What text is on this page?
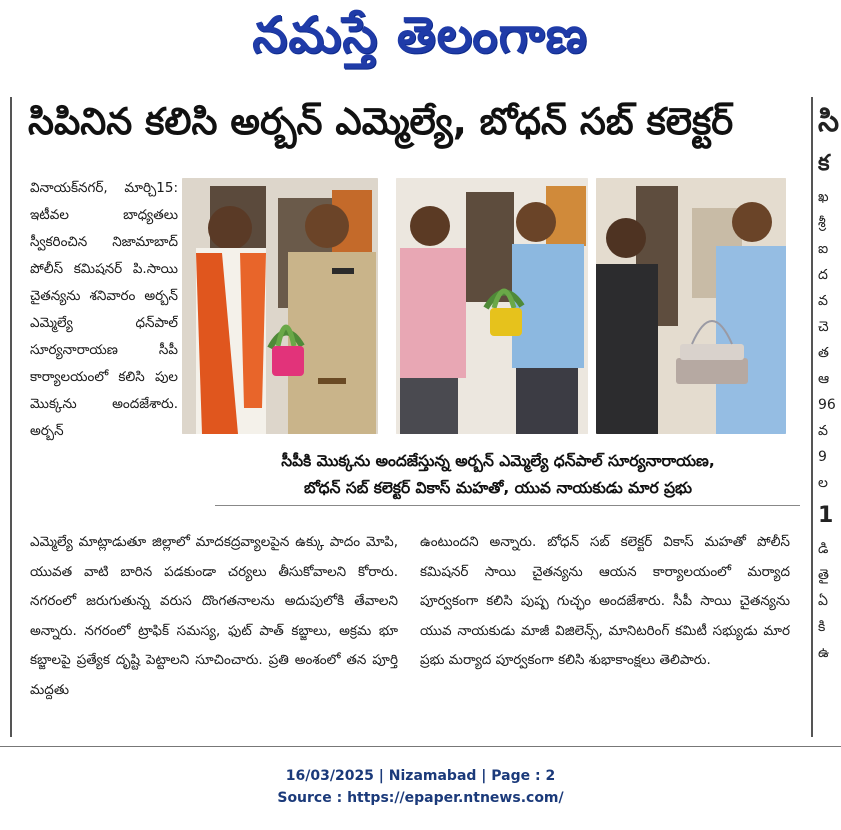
నమస్తే తెలంగాణ
సిపినిన కలిసి అర్బన్ ఎమ్మెల్యే, బోధన్ సబ్ కలెక్టర్	సి
క
ఖ
శ్రీ
ఐ
ద
వ
చె
త
ఆ
96
వ
9
ల
1
డి
తై
ఏ
కి
ఉ
వినాయక్‌నగర్, మార్చి15: ఇటీవల బాధ్యతలు స్వీకరించిన నిజామాబాద్ పోలీస్ కమిషనర్ పి.సాయి చైతన్యను శనివారం అర్బన్ ఎమ్మెల్యే ధన్‌పాల్ సూర్యనారాయణ సీపీ కార్యాలయంలో కలిసి పుల మొక్కను అందజేశారు. అర్బన్
సీపీకి మొక్కను అందజేస్తున్న అర్బన్ ఎమ్మెల్యే ధన్‌పాల్ సూర్యనారాయణ,
బోధన్ సబ్ కలెక్టర్ వికాస్ మహతో, యువ నాయకుడు మార ప్రభు
ఎమ్మెల్యే మాట్లాడుతూ జిల్లాలో మాదకద్రవ్యాలపైన ఉక్కు పాదం మోపి, యువత వాటి బారిన పడకుండా చర్యలు తీసుకోవాలని కోరారు. నగరంలో జరుగుతున్న వరుస దొంగతనాలను అదుపులోకి తేవాలని అన్నారు. నగరంలో ట్రాఫిక్ సమస్య, ఫుట్ పాత్ కబ్జాలు, అక్రమ భూ కబ్జాలపై ప్రత్యేక దృష్టి పెట్టాలని సూచించారు. ప్రతి అంశంలో తన పూర్తి మద్దతు
ఉంటుందని అన్నారు. బోధన్ సబ్ కలెక్టర్ వికాస్ మహతో పోలీస్ కమిషనర్ సాయి చైతన్యను ఆయన కార్యాలయంలో మర్యాద పూర్వకంగా కలిసి పుష్ప గుచ్ఛం అందజేశారు. సీపీ సాయి చైతన్యను యువ నాయకుడు మాజీ విజిలెన్స్, మానిటరింగ్ కమిటీ సభ్యుడు మార ప్రభు మర్యాద పూర్వకంగా కలిసి శుభాకాంక్షలు తెలిపారు.
16/03/2025 | Nizamabad | Page : 2
Source : https://epaper.ntnews.com/
